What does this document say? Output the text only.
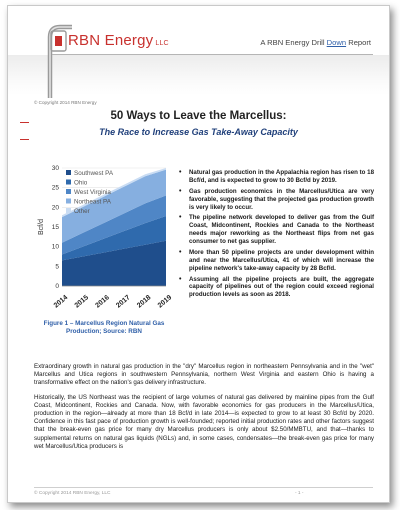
RBN Energy LLC	A RBN Energy Drill Down Report
© Copyright 2014 RBN Energy
50 Ways to Leave the Marcellus:
The Race to Increase Gas Take-Away Capacity
0
5
10
15
20
25
30
2014 2015 2016 2017 2018 2019
Bcf/d
Southwest PA
Ohio
West Virginia
Northeast PA
Other
Figure 1 – Marcellus Region Natural Gas Production; Source: RBN
• Natural gas production in the Appalachia region has risen to 18 Bcf/d, and is expected to grow to 30 Bcf/d by 2019.
• Gas production economics in the Marcellus/Utica are very favorable, suggesting that the projected gas production growth is very likely to occur.
• The pipeline network developed to deliver gas from the Gulf Coast, Midcontinent, Rockies and Canada to the Northeast needs major reworking as the Northeast flips from net gas consumer to net gas supplier.
• More than 50 pipeline projects are under development within and near the Marcellus/Utica, 41 of which will increase the pipeline network's take-away capacity by 28 Bcf/d.
• Assuming all the pipeline projects are built, the aggregate capacity of pipelines out of the region could exceed regional production levels as soon as 2018.

Extraordinary growth in natural gas production in the "dry" Marcellus region in northeastern Pennsylvania and in the "wet" Marcellus and Utica regions in southwestern Pennsylvania, northern West Virginia and eastern Ohio is having a transformative effect on the nation's gas delivery infrastructure.

Historically, the US Northeast was the recipient of large volumes of natural gas delivered by mainline pipes from the Gulf Coast, Midcontinent, Rockies and Canada. Now, with favorable economics for gas producers in the Marcellus/Utica, production in the region—already at more than 18 Bcf/d in late 2014—is expected to grow to at least 30 Bcf/d by 2020. Confidence in this fast pace of production growth is well-founded; reported initial production rates and other factors suggest that the break-even gas price for many dry Marcellus producers is only about $2.50/MMBTU, and that—thanks to supplemental returns on natural gas liquids (NGLs) and, in some cases, condensates—the break-even gas price for many wet Marcellus/Utica producers is

© Copyright 2014 RBN Energy, LLC	- 1 -
